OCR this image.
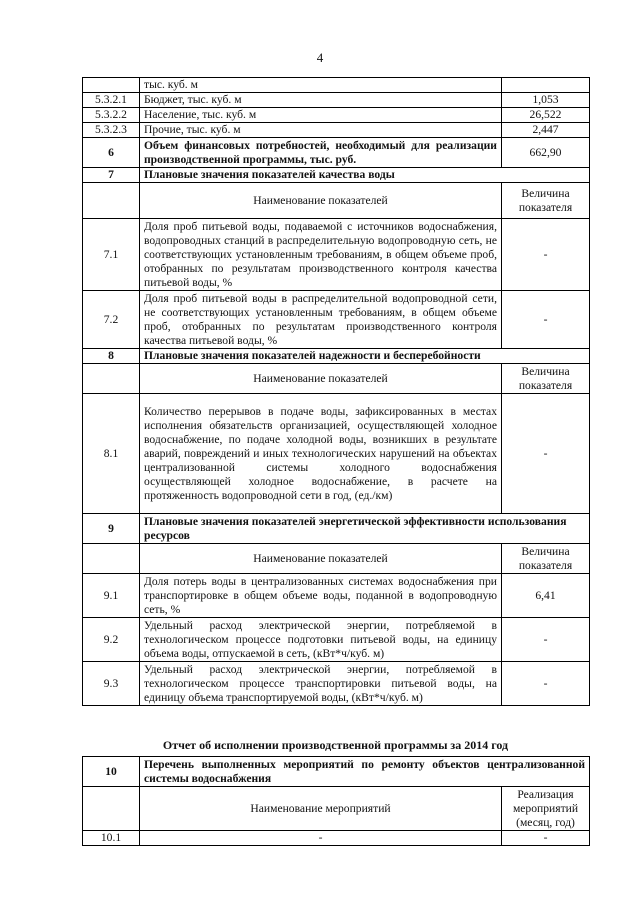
4
	тыс. куб. м	
5.3.2.1	Бюджет, тыс. куб. м	1,053
5.3.2.2	Население, тыс. куб. м	26,522
5.3.2.3	Прочие, тыс. куб. м	2,447
6	Объем финансовых потребностей, необходимый для реализации производственной программы, тыс. руб.	662,90
7	Плановые значения показателей качества воды	
	Наименование показателей	Величина показателя
7.1	Доля проб питьевой воды, подаваемой с источников водоснабжения, водопроводных станций в распределительную водопроводную сеть, не соответствующих установленным требованиям, в общем объеме проб, отобранных по результатам производственного контроля качества питьевой воды, %	-
7.2	Доля проб питьевой воды в распределительной водопроводной сети, не соответствующих установленным требованиям, в общем объеме проб, отобранных по результатам производственного контроля качества питьевой воды, %	-
8	Плановые значения показателей надежности и бесперебойности	
	Наименование показателей	Величина показателя
8.1	Количество перерывов в подаче воды, зафиксированных в местах исполнения обязательств организацией, осуществляющей холодное водоснабжение, по подаче холодной воды, возникших в результате аварий, повреждений и иных технологических нарушений на объектах централизованной системы холодного водоснабжения осуществляющей холодное водоснабжение, в расчете на протяженность водопроводной сети в год, (ед./км)	-
9	Плановые значения показателей энергетической эффективности использования ресурсов	
	Наименование показателей	Величина показателя
9.1	Доля потерь воды в централизованных системах водоснабжения при транспортировке в общем объеме воды, поданной в водопроводную сеть, %	6,41
9.2	Удельный расход электрической энергии, потребляемой в технологическом процессе подготовки питьевой воды, на единицу объема воды, отпускаемой в сеть, (кВт*ч/куб. м)	-
9.3	Удельный расход электрической энергии, потребляемой в технологическом процессе транспортировки питьевой воды, на единицу объема транспортируемой воды, (кВт*ч/куб. м)	-
Отчет об исполнении производственной программы за 2014 год
10	Перечень выполненных мероприятий по ремонту объектов централизованной системы водоснабжения	
	Наименование мероприятий	Реализация мероприятий (месяц, год)
10.1	-	-
